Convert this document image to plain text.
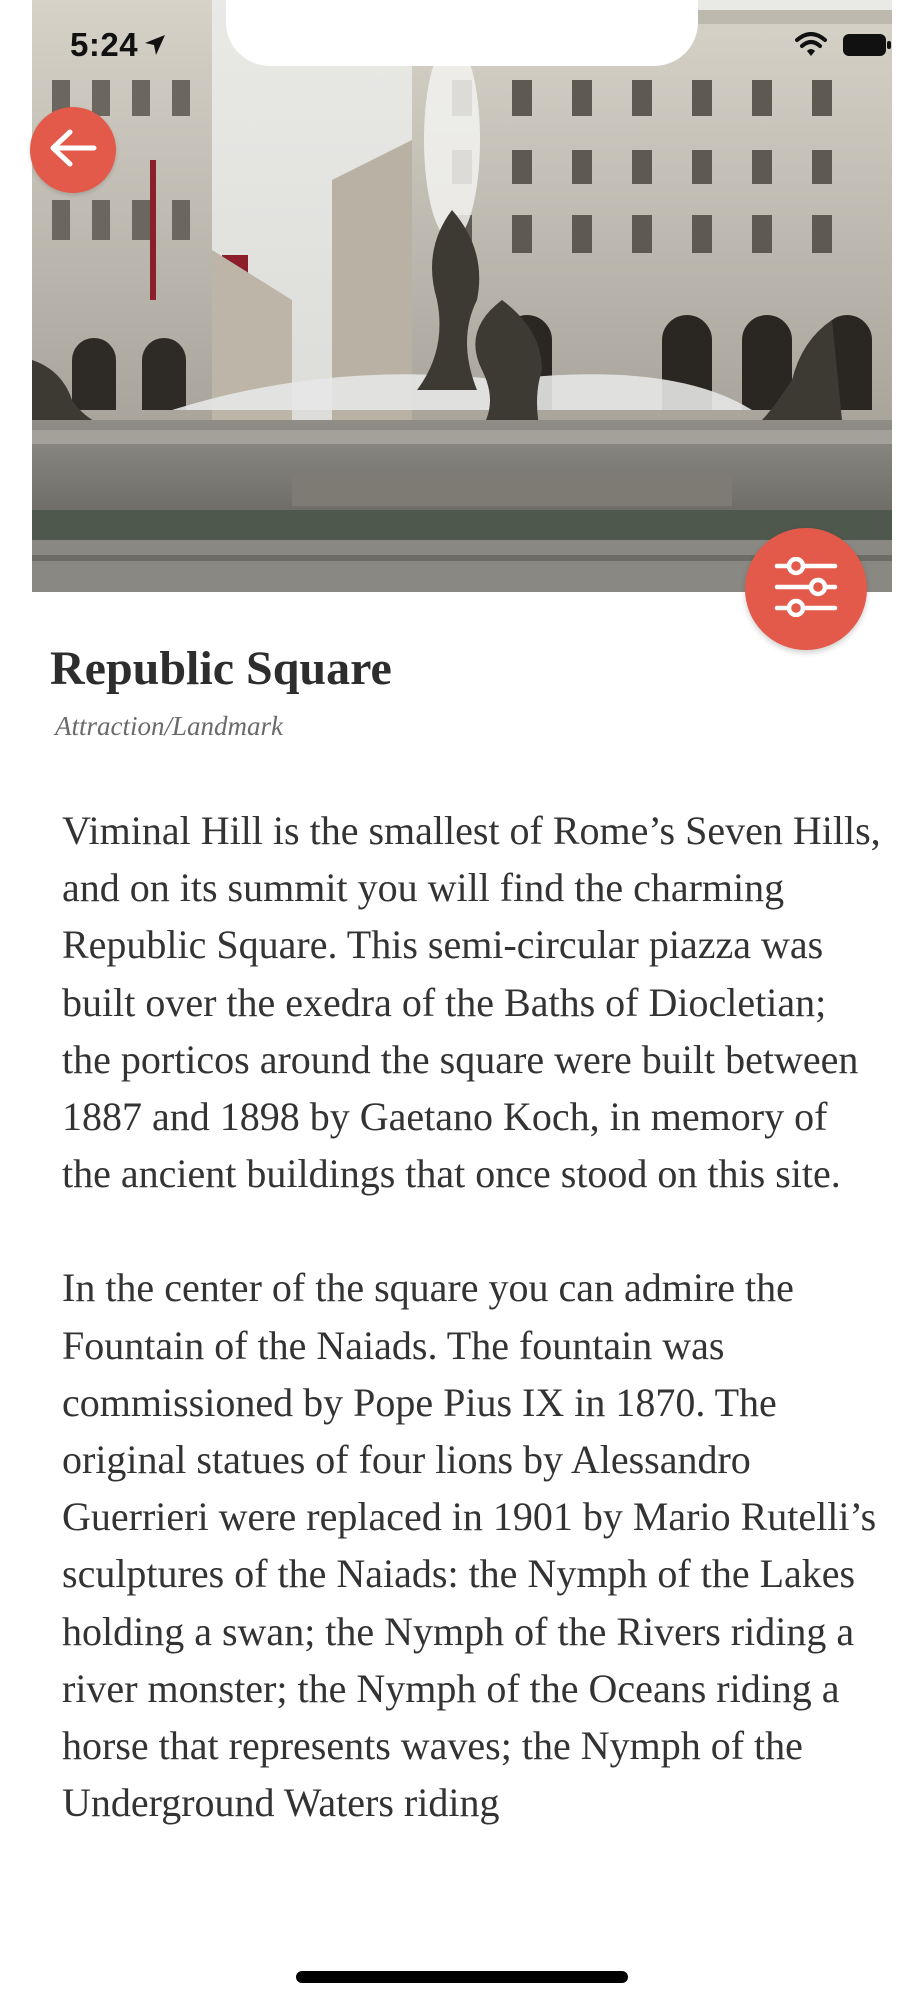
5:24
Republic Square
Attraction/Landmark

Viminal Hill is the smallest of Rome’s Seven Hills, and on its summit you will find the charming Republic Square. This semi-circular piazza was built over the exedra of the Baths of Diocletian; the porticos around the square were built between 1887 and 1898 by Gaetano Koch, in memory of the ancient buildings that once stood on this site.

In the center of the square you can admire the Fountain of the Naiads. The fountain was commissioned by Pope Pius IX in 1870. The original statues of four lions by Alessandro Guerrieri were replaced in 1901 by Mario Rutelli’s sculptures of the Naiads: the Nymph of the Lakes holding a swan; the Nymph of the Rivers riding a river monster; the Nymph of the Oceans riding a horse that represents waves; the Nymph of the Underground Waters riding
